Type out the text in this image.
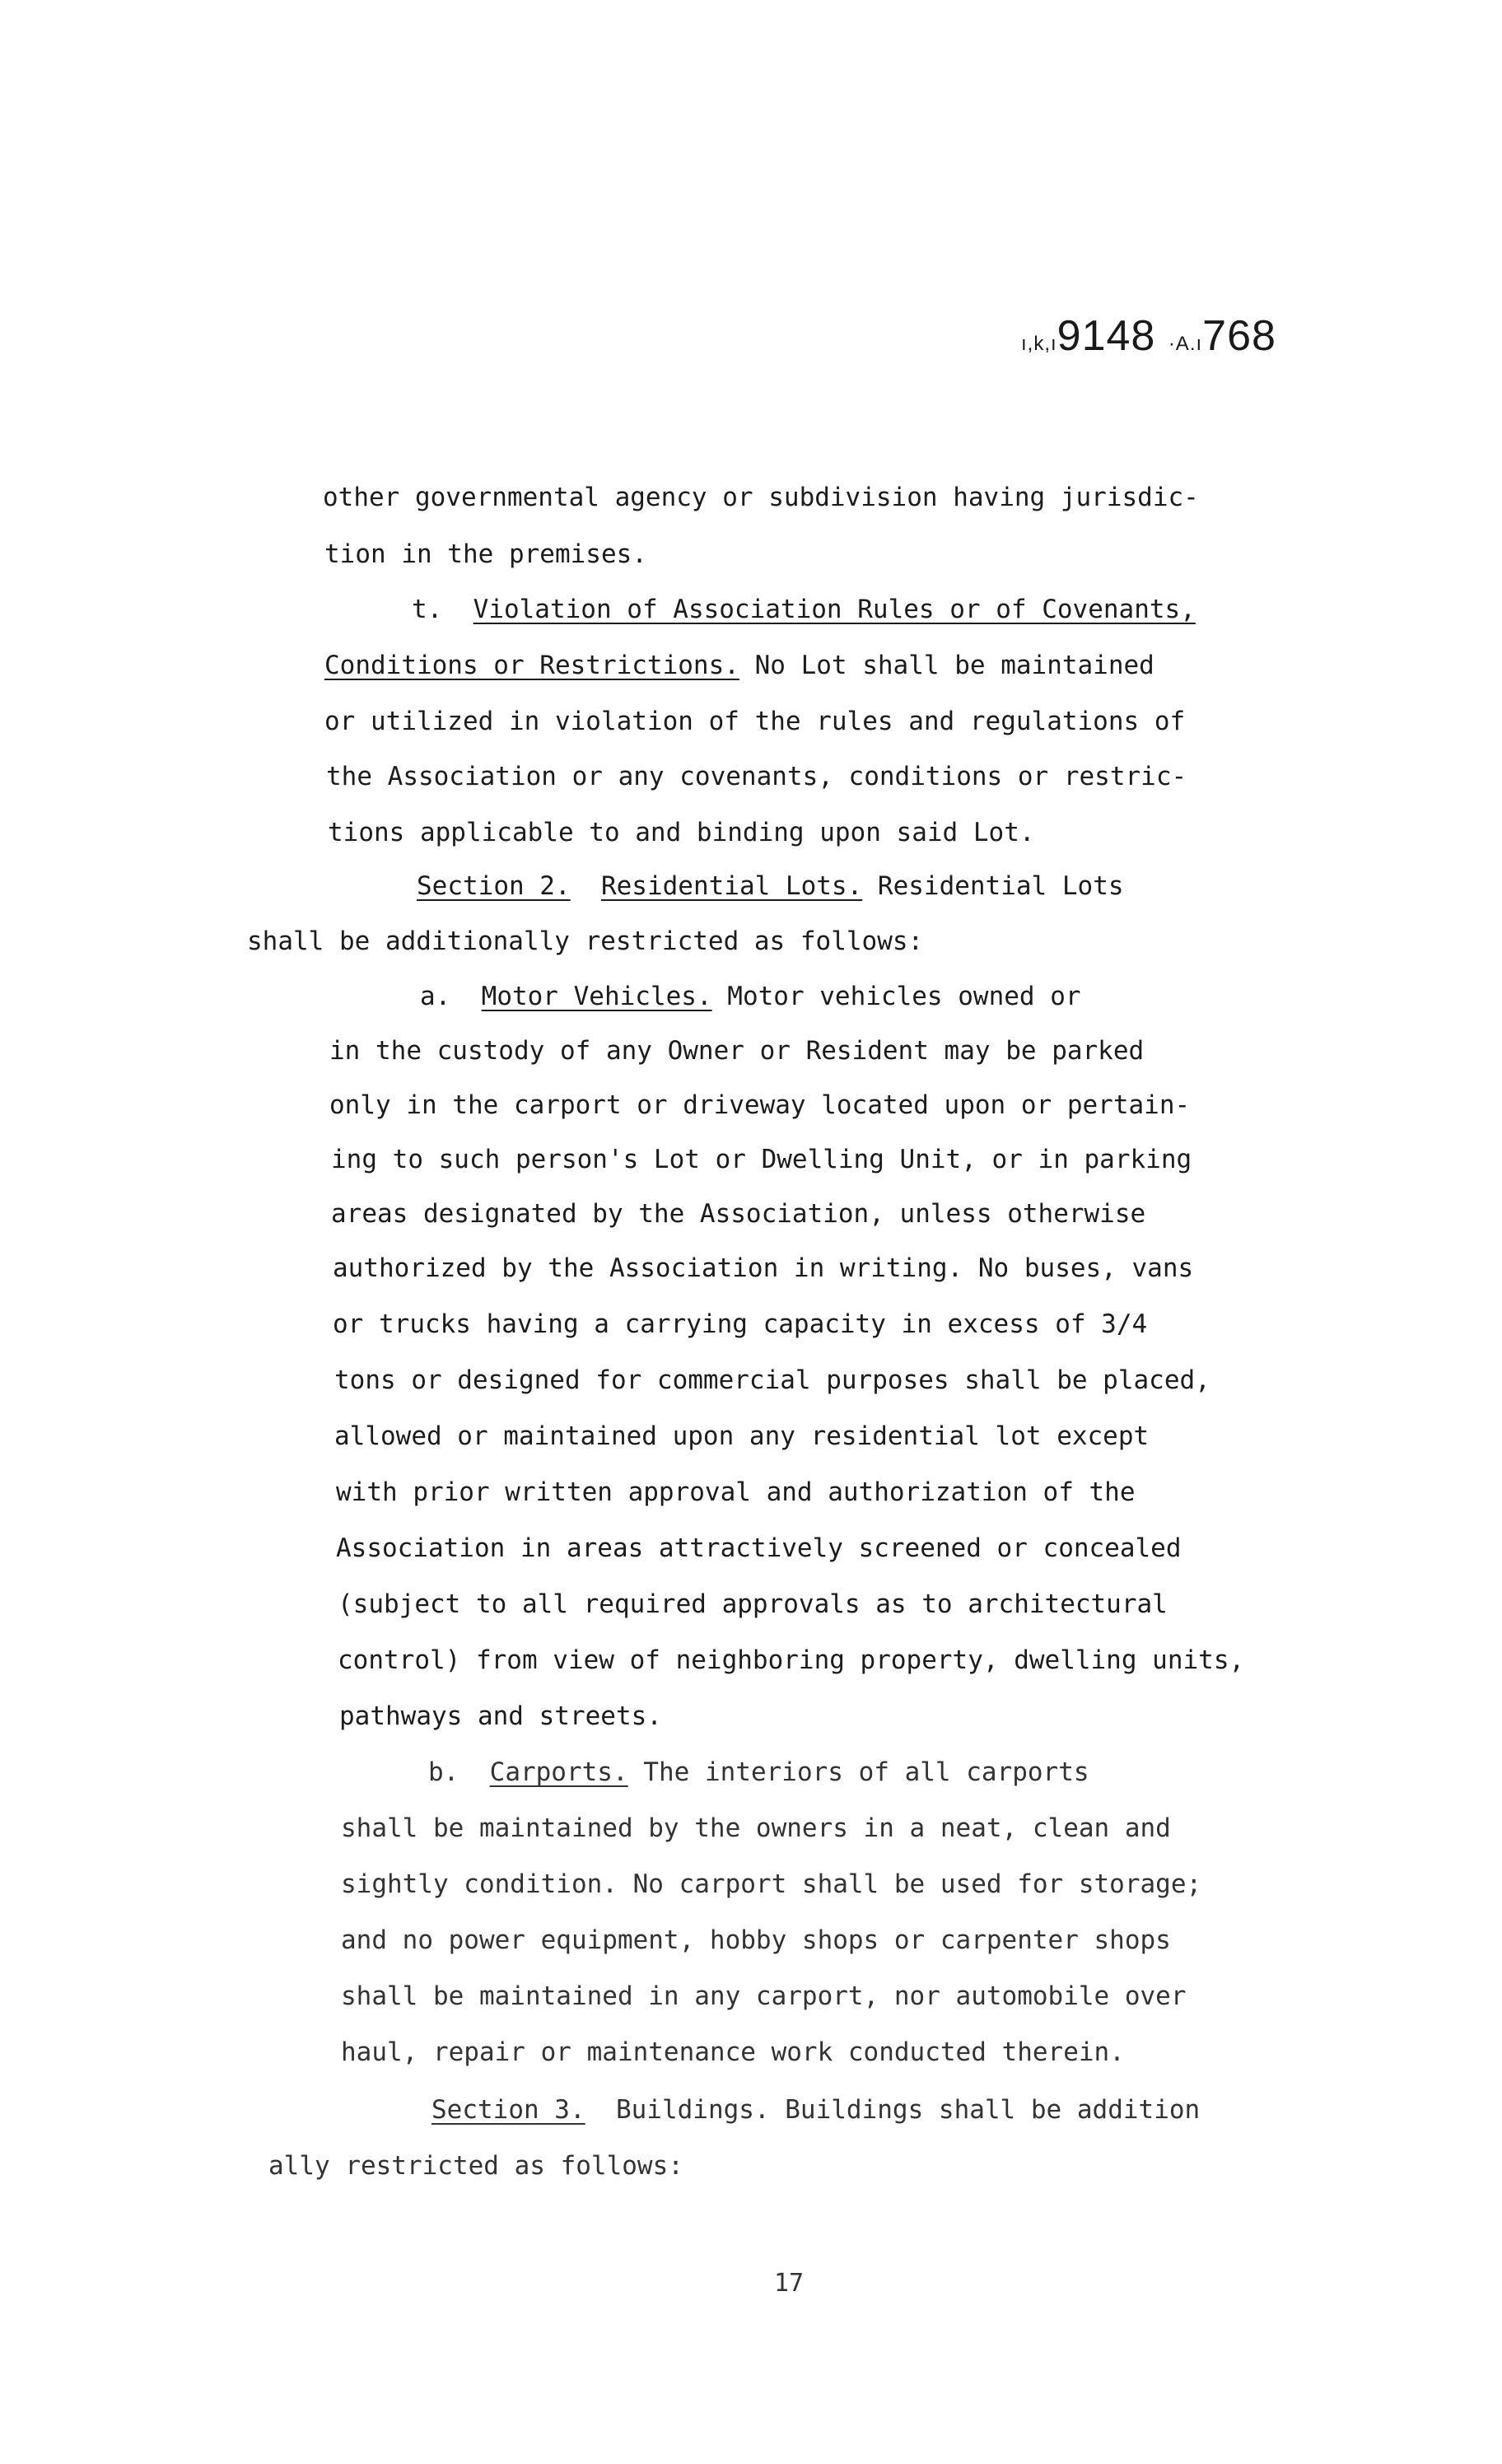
ı,k,ı9148 ·A.ı768
other governmental agency or subdivision having jurisdic-
tion in the premises.
t. Violation of Association Rules or of Covenants,
Conditions or Restrictions. No Lot shall be maintained
or utilized in violation of the rules and regulations of
the Association or any covenants, conditions or restric-
tions applicable to and binding upon said Lot.
Section 2. Residential Lots. Residential Lots
shall be additionally restricted as follows:
a. Motor Vehicles. Motor vehicles owned or
in the custody of any Owner or Resident may be parked
only in the carport or driveway located upon or pertain-
ing to such person's Lot or Dwelling Unit, or in parking
areas designated by the Association, unless otherwise
authorized by the Association in writing. No buses, vans
or trucks having a carrying capacity in excess of 3/4
tons or designed for commercial purposes shall be placed,
allowed or maintained upon any residential lot except
with prior written approval and authorization of the
Association in areas attractively screened or concealed
(subject to all required approvals as to architectural
control) from view of neighboring property, dwelling units,
pathways and streets.
b. Carports. The interiors of all carports
shall be maintained by the owners in a neat, clean and
sightly condition. No carport shall be used for storage;
and no power equipment, hobby shops or carpenter shops
shall be maintained in any carport, nor automobile over
haul, repair or maintenance work conducted therein.
Section 3. Buildings. Buildings shall be addition
ally restricted as follows:
17
